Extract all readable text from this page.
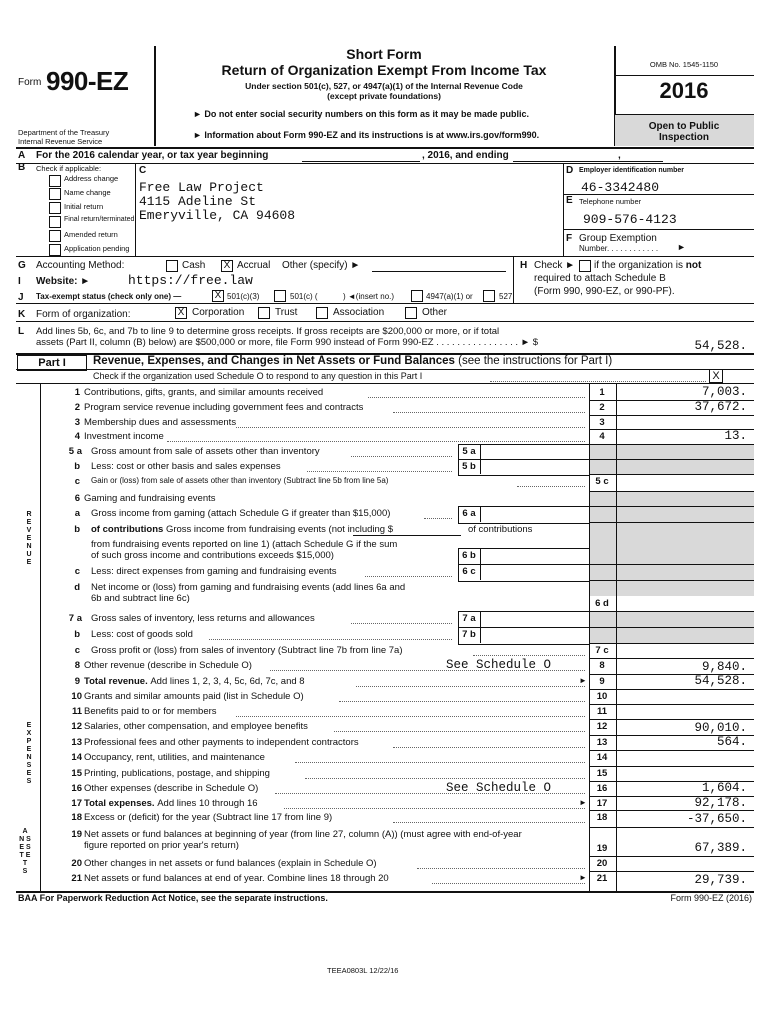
Form 990-EZ
Department of the Treasury
Internal Revenue Service
Short Form
Return of Organization Exempt From Income Tax
Under section 501(c), 527, or 4947(a)(1) of the Internal Revenue Code
(except private foundations)
► Do not enter social security numbers on this form as it may be made public.
► Information about Form 990-EZ and its instructions is at www.irs.gov/form990.
OMB No. 1545-1150
2016
Open to Public
Inspection
A For the 2016 calendar year, or tax year beginning	, 2016, and ending	,
B Check if applicable:
Address change
Name change
Initial return
Final return/terminated
Amended return
Application pending
C
Free Law Project
4115 Adeline St
Emeryville, CA 94608
D Employer identification number
46-3342480
E Telephone number
909-576-4123
F Group Exemption
Number. . . . . . . . . . . . ►
G Accounting Method:	Cash X Accrual Other (specify) ►	H Check ► if the organization is not
required to attach Schedule B
(Form 990, 990-EZ, or 990-PF).
I Website: ►	https://free.law
J Tax-exempt status (check only one) —	X 501(c)(3)	501(c) (	) ◄(insert no.)	4947(a)(1) or	527
K Form of organization:	X Corporation	Trust	Association	Other
L Add lines 5b, 6c, and 7b to line 9 to determine gross receipts. If gross receipts are $200,000 or more, or if total
assets (Part II, column (B) below) are $500,000 or more, file Form 990 instead of Form 990-EZ . . . . . . . . . . . . . . . . ► $	54,528.
Part I	Revenue, Expenses, and Changes in Net Assets or Fund Balances (see the instructions for Part I)
Check if the organization used Schedule O to respond to any question in this Part I	X
R
E
V
E
N
U
E
E
X
P
E
N
S
E
S
A
N S
E S
T E
T
S
1 Contributions, gifts, grants, and similar amounts received	1	7,003.
2 Program service revenue including government fees and contracts	2	37,672.
3 Membership dues and assessments	3
4 Investment income	4	13.
5 a Gross amount from sale of assets other than inventory	5 a
b Less: cost or other basis and sales expenses	5 b
c Gain or (loss) from sale of assets other than inventory (Subtract line 5b from line 5a)	5 c
6 Gaming and fundraising events
a Gross income from gaming (attach Schedule G if greater than $15,000)	6 a
b of contributions Gross income from fundraising events (not including $	of contributions
from fundraising events reported on line 1) (attach Schedule G if the sum
of such gross income and contributions exceeds $15,000)	6 b
c Less: direct expenses from gaming and fundraising events	6 c
d Net income or (loss) from gaming and fundraising events (add lines 6a and
6b and subtract line 6c)	6 d
7 a Gross sales of inventory, less returns and allowances	7 a
b Less: cost of goods sold	7 b
c Gross profit or (loss) from sales of inventory (Subtract line 7b from line 7a)	7 c
8 Other revenue (describe in Schedule O)	See Schedule O	8	9,840.
9 Total revenue. Add lines 1, 2, 3, 4, 5c, 6d, 7c, and 8	►	9	54,528.
10 Grants and similar amounts paid (list in Schedule O)	10
11 Benefits paid to or for members	11
12 Salaries, other compensation, and employee benefits	12	90,010.
13 Professional fees and other payments to independent contractors	13	564.
14 Occupancy, rent, utilities, and maintenance	14
15 Printing, publications, postage, and shipping	15
16 Other expenses (describe in Schedule O)	See Schedule O	16	1,604.
17 Total expenses. Add lines 10 through 16	►	17	92,178.
18 Excess or (deficit) for the year (Subtract line 17 from line 9)	18	-37,650.
19 Net assets or fund balances at beginning of year (from line 27, column (A)) (must agree with end-of-year
figure reported on prior year's return)	19	67,389.
20 Other changes in net assets or fund balances (explain in Schedule O)	20
21 Net assets or fund balances at end of year. Combine lines 18 through 20	►	21	29,739.
BAA For Paperwork Reduction Act Notice, see the separate instructions.	Form 990-EZ (2016)
TEEA0803L 12/22/16
